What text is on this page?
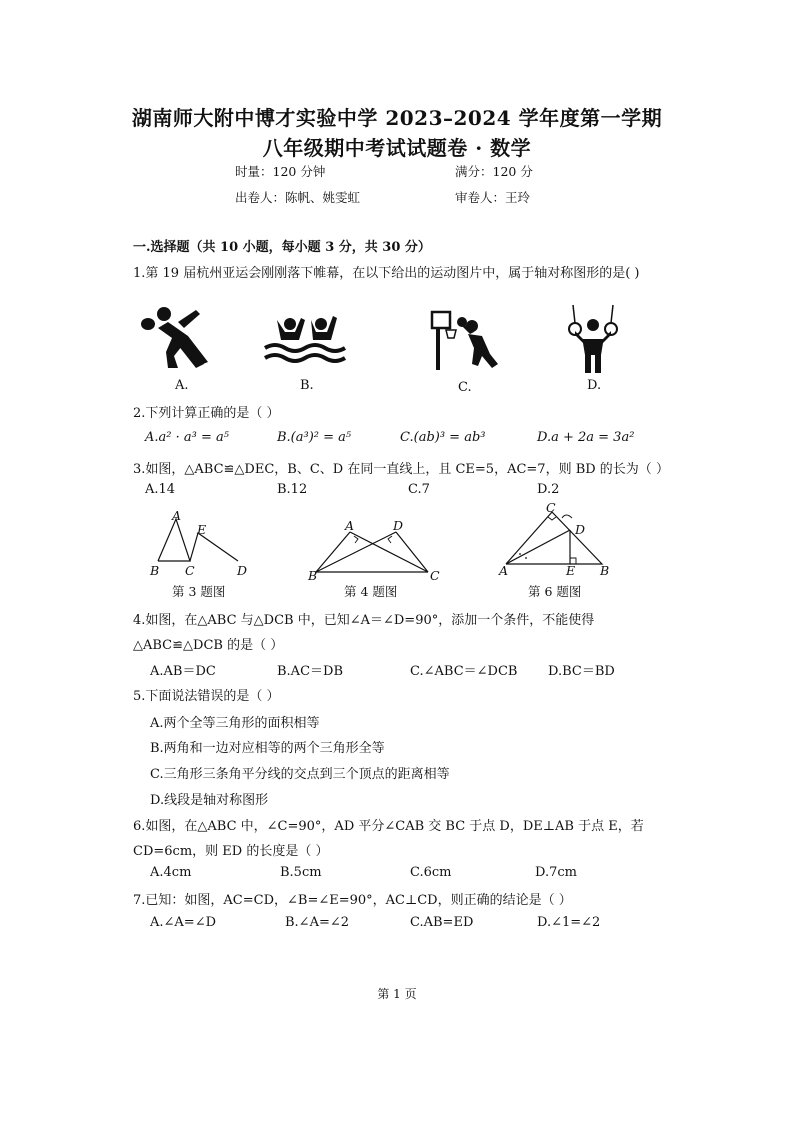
湖南师大附中博才实验中学 2023–2024 学年度第一学期
八年级期中考试试题卷 · 数学
时量：120 分钟	满分：120 分
出卷人：陈帆、姚雯虹	审卷人：王玲
一.选择题（共 10 小题，每小题 3 分，共 30 分）
1.第 19 届杭州亚运会刚刚落下帷幕，在以下给出的运动图片中，属于轴对称图形的是( )
A.	B.	C.	D.
2.下列计算正确的是（ ）
A.a² · a³ = a⁵	B.(a³)² = a⁵	C.(ab)³ = ab³	D.a + 2a = 3a²
3.如图，△ABC≌△DEC，B、C、D 在同一直线上，且 CE=5，AC=7，则 BD 的长为（ ）
A.14	B.12	C.7	D.2
A
E
B C	D
第 3 题图
A	D
B	C
第 4 题图
C
D
A	E B
第 6 题图
4.如图，在△ABC 与△DCB 中，已知∠A＝∠D=90°，添加一个条件，不能使得
△ABC≌△DCB 的是（ ）
A.AB＝DC	B.AC＝DB	C.∠ABC＝∠DCB D.BC＝BD
5.下面说法错误的是（ ）
A.两个全等三角形的面积相等
B.两角和一边对应相等的两个三角形全等
C.三角形三条角平分线的交点到三个顶点的距离相等
D.线段是轴对称图形
6.如图，在△ABC 中，∠C=90°，AD 平分∠CAB 交 BC 于点 D，DE⊥AB 于点 E，若
CD=6cm，则 ED 的长度是（ ）
A.4cm	B.5cm	C.6cm	D.7cm
7.已知：如图，AC=CD，∠B=∠E=90°，AC⊥CD，则正确的结论是（ ）
A.∠A=∠D	B.∠A=∠2	C.AB=ED	D.∠1=∠2
第 1 页
